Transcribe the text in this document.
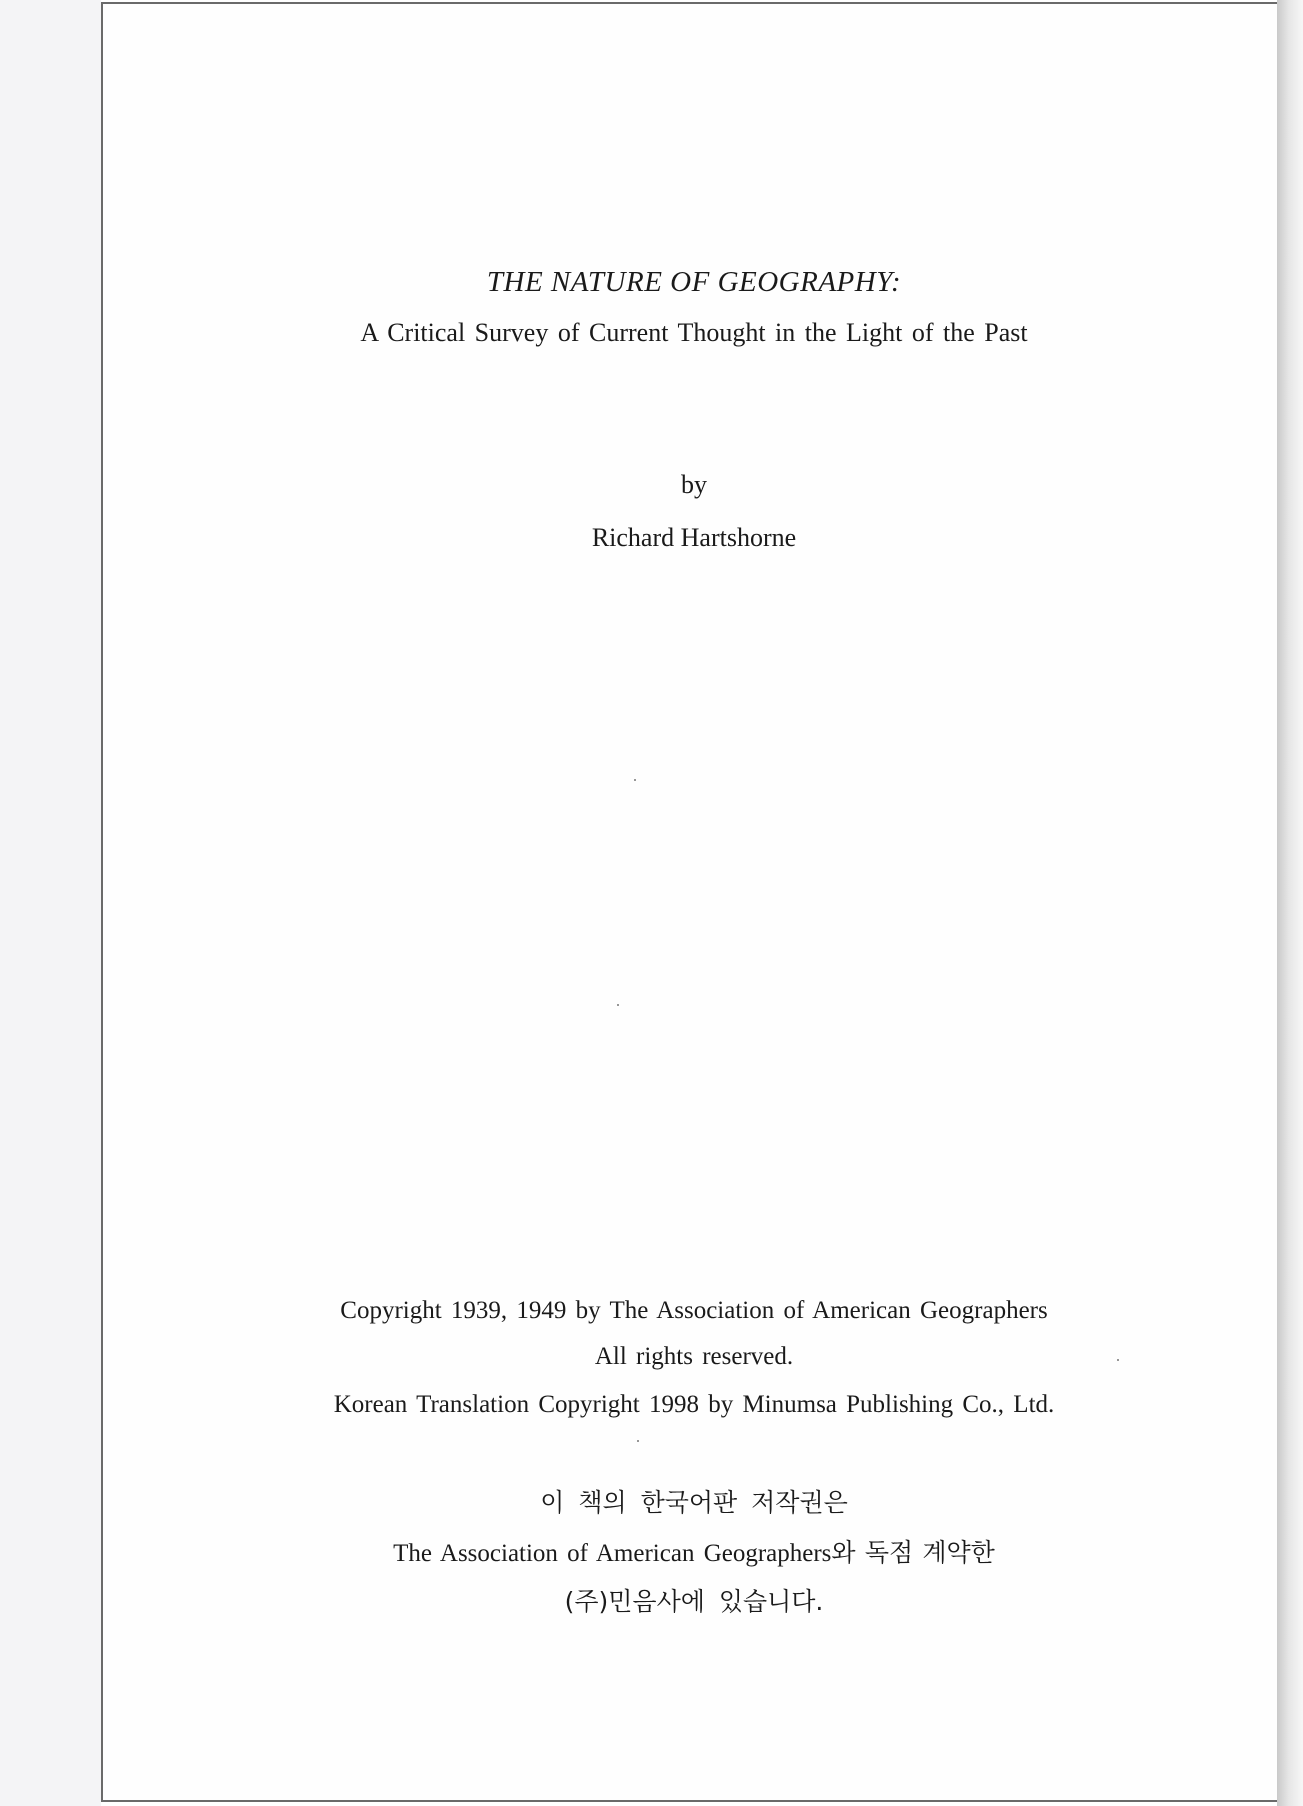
THE NATURE OF GEOGRAPHY:

A Critical Survey of Current Thought in the Light of the Past

by

Richard Hartshorne

Copyright 1939, 1949 by The Association of American Geographers

All rights reserved.

Korean Translation Copyright 1998 by Minumsa Publishing Co., Ltd.

이 책의 한국어판 저작권은

The Association of American Geographers와 독점 계약한

(주)민음사에 있습니다.
